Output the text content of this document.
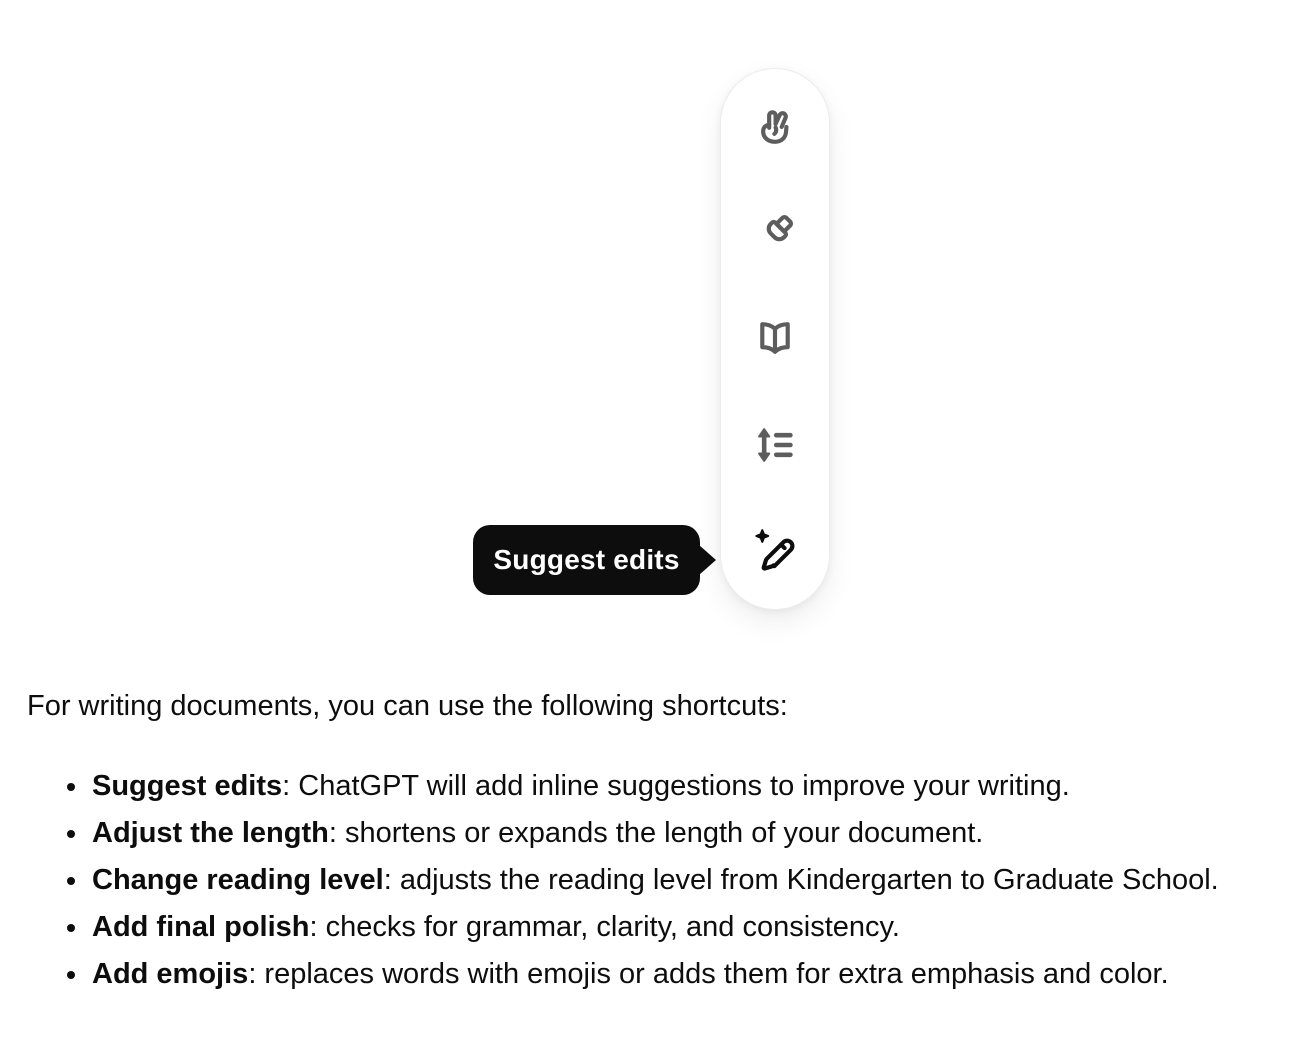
Suggest edits

For writing documents, you can use the following shortcuts:

• Suggest edits: ChatGPT will add inline suggestions to improve your writing.
• Adjust the length: shortens or expands the length of your document.
• Change reading level: adjusts the reading level from Kindergarten to Graduate School.
• Add final polish: checks for grammar, clarity, and consistency.
• Add emojis: replaces words with emojis or adds them for extra emphasis and color.
